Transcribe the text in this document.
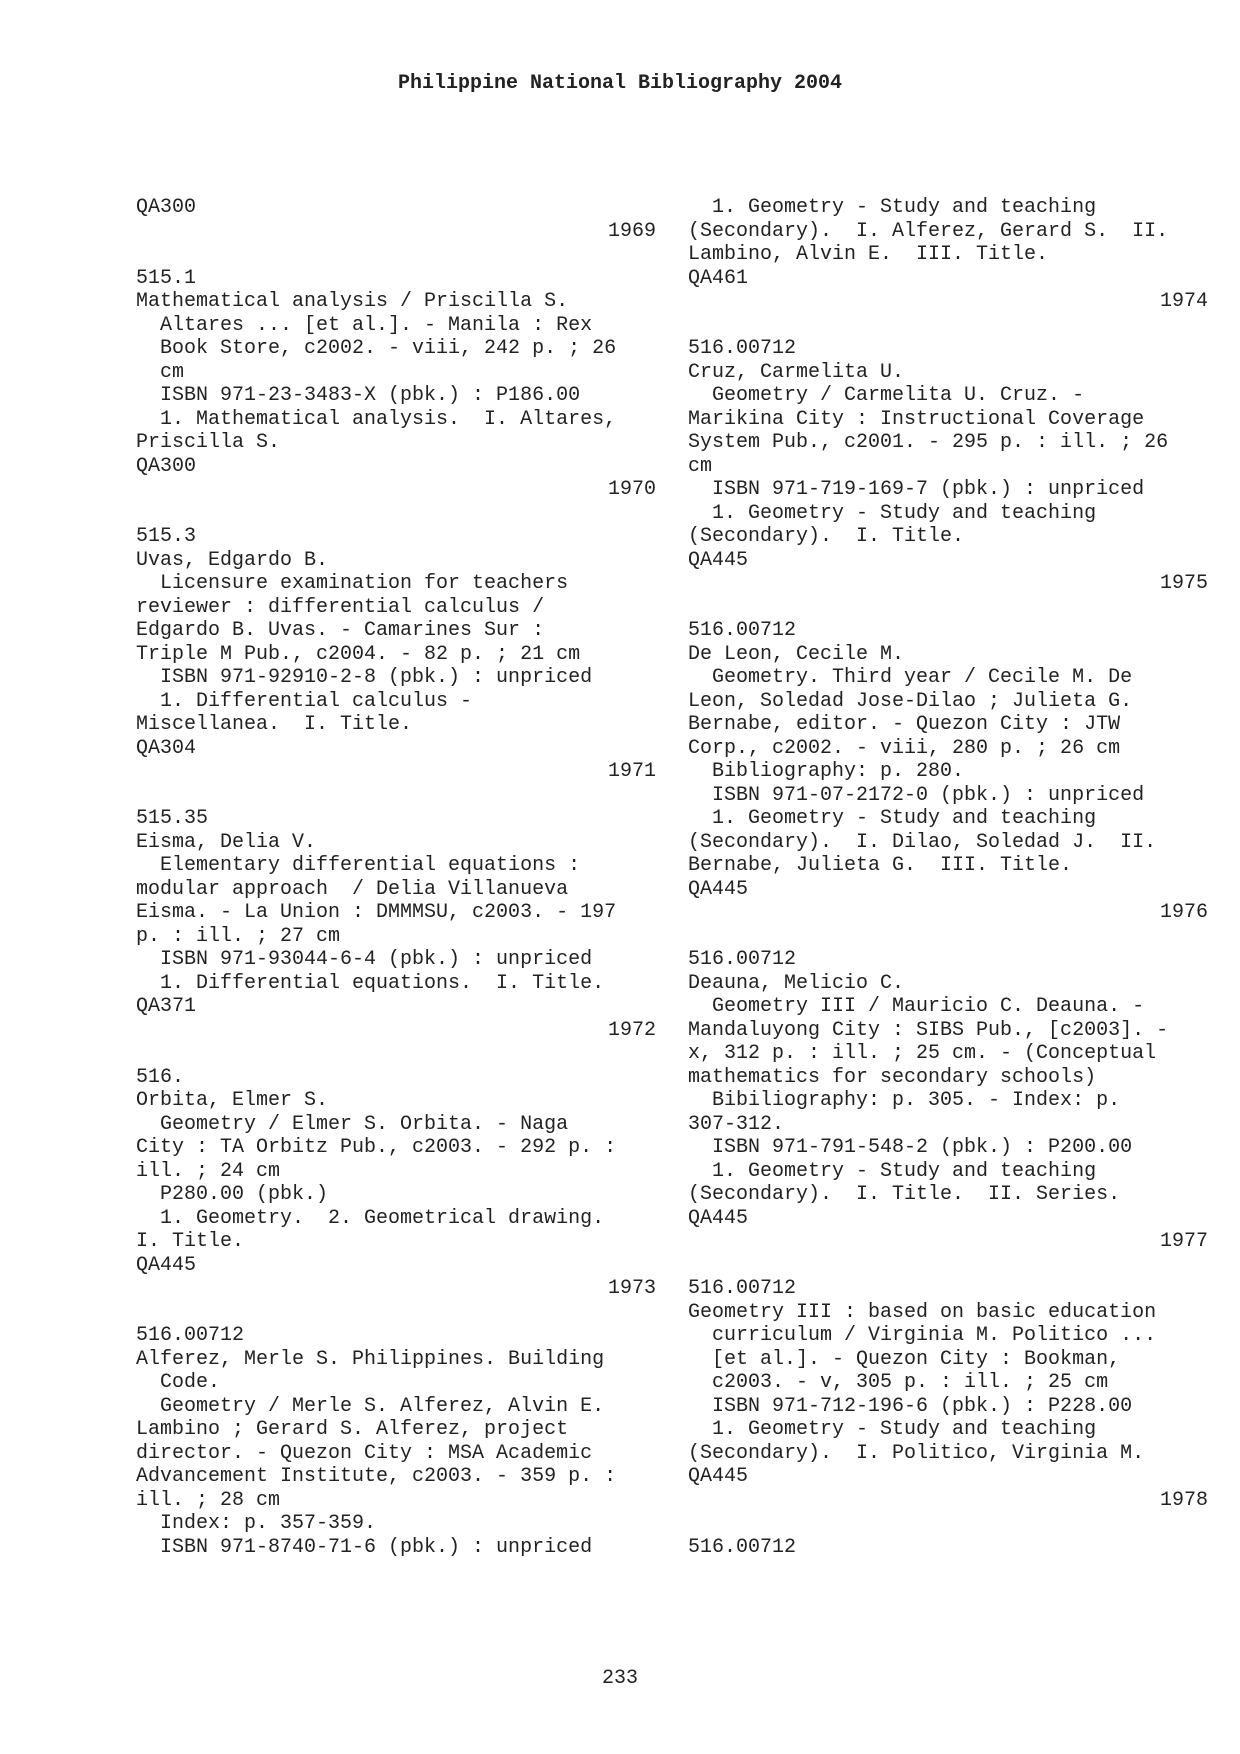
Philippine National Bibliography 2004
QA300
1969
515.1
Mathematical analysis / Priscilla S.
Altares ... [et al.]. - Manila : Rex
Book Store, c2002. - viii, 242 p. ; 26
cm
ISBN 971-23-3483-X (pbk.) : P186.00
1. Mathematical analysis.  I. Altares,
Priscilla S.
QA300
1970
515.3
Uvas, Edgardo B.
Licensure examination for teachers
reviewer : differential calculus /
Edgardo B. Uvas. - Camarines Sur :
Triple M Pub., c2004. - 82 p. ; 21 cm
ISBN 971-92910-2-8 (pbk.) : unpriced
1. Differential calculus -
Miscellanea.  I. Title.
QA304
1971
515.35
Eisma, Delia V.
Elementary differential equations :
modular approach  / Delia Villanueva
Eisma. - La Union : DMMMSU, c2003. - 197
p. : ill. ; 27 cm
ISBN 971-93044-6-4 (pbk.) : unpriced
1. Differential equations.  I. Title.
QA371
1972
516.
Orbita, Elmer S.
Geometry / Elmer S. Orbita. - Naga
City : TA Orbitz Pub., c2003. - 292 p. :
ill. ; 24 cm
P280.00 (pbk.)
1. Geometry.  2. Geometrical drawing.
I. Title.
QA445
1973
516.00712
Alferez, Merle S. Philippines. Building
Code.
Geometry / Merle S. Alferez, Alvin E.
Lambino ; Gerard S. Alferez, project
director. - Quezon City : MSA Academic
Advancement Institute, c2003. - 359 p. :
ill. ; 28 cm
Index: p. 357-359.
ISBN 971-8740-71-6 (pbk.) : unpriced
1. Geometry - Study and teaching
(Secondary).  I. Alferez, Gerard S.  II.
Lambino, Alvin E.  III. Title.
QA461
1974
516.00712
Cruz, Carmelita U.
Geometry / Carmelita U. Cruz. -
Marikina City : Instructional Coverage
System Pub., c2001. - 295 p. : ill. ; 26
cm
ISBN 971-719-169-7 (pbk.) : unpriced
1. Geometry - Study and teaching
(Secondary).  I. Title.
QA445
1975
516.00712
De Leon, Cecile M.
Geometry. Third year / Cecile M. De
Leon, Soledad Jose-Dilao ; Julieta G.
Bernabe, editor. - Quezon City : JTW
Corp., c2002. - viii, 280 p. ; 26 cm
Bibliography: p. 280.
ISBN 971-07-2172-0 (pbk.) : unpriced
1. Geometry - Study and teaching
(Secondary).  I. Dilao, Soledad J.  II.
Bernabe, Julieta G.  III. Title.
QA445
1976
516.00712
Deauna, Melicio C.
Geometry III / Mauricio C. Deauna. -
Mandaluyong City : SIBS Pub., [c2003]. -
x, 312 p. : ill. ; 25 cm. - (Conceptual
mathematics for secondary schools)
Bibiliography: p. 305. - Index: p.
307-312.
ISBN 971-791-548-2 (pbk.) : P200.00
1. Geometry - Study and teaching
(Secondary).  I. Title.  II. Series.
QA445
1977
516.00712
Geometry III : based on basic education
curriculum / Virginia M. Politico ...
[et al.]. - Quezon City : Bookman,
c2003. - v, 305 p. : ill. ; 25 cm
ISBN 971-712-196-6 (pbk.) : P228.00
1. Geometry - Study and teaching
(Secondary).  I. Politico, Virginia M.
QA445
1978
516.00712
233
